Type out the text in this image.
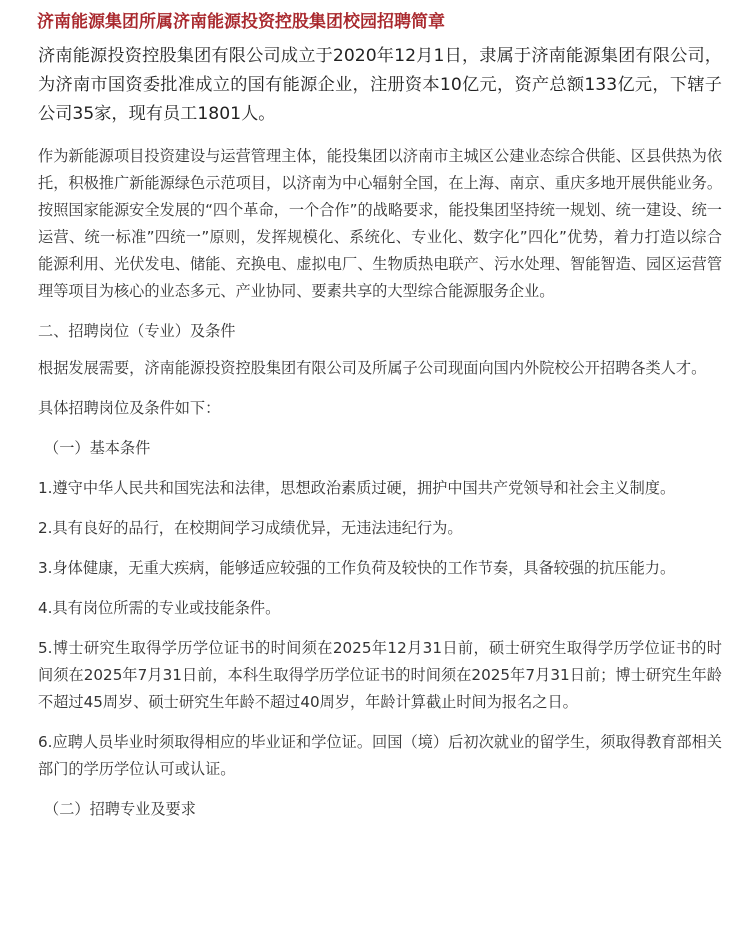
济南能源集团所属济南能源投资控股集团校园招聘简章

济南能源投资控股集团有限公司成立于2020年12月1日，隶属于济南能源集团有限公司，为济南市国资委批准成立的国有能源企业，注册资本10亿元，资产总额133亿元，下辖子公司35家，现有员工1801人。

作为新能源项目投资建设与运营管理主体，能投集团以济南市主城区公建业态综合供能、区县供热为依托，积极推广新能源绿色示范项目，以济南为中心辐射全国，在上海、南京、重庆多地开展供能业务。按照国家能源安全发展的“四个革命，一个合作”的战略要求，能投集团坚持统一规划、统一建设、统一运营、统一标准”四统一”原则，发挥规模化、系统化、专业化、数字化”四化”优势，着力打造以综合能源利用、光伏发电、储能、充换电、虚拟电厂、生物质热电联产、污水处理、智能智造、园区运营管理等项目为核心的业态多元、产业协同、要素共享的大型综合能源服务企业。

二、招聘岗位（专业）及条件

根据发展需要，济南能源投资控股集团有限公司及所属子公司现面向国内外院校公开招聘各类人才。

具体招聘岗位及条件如下：

（一）基本条件

1.遵守中华人民共和国宪法和法律，思想政治素质过硬，拥护中国共产党领导和社会主义制度。

2.具有良好的品行，在校期间学习成绩优异，无违法违纪行为。

3.身体健康，无重大疾病，能够适应较强的工作负荷及较快的工作节奏，具备较强的抗压能力。

4.具有岗位所需的专业或技能条件。

5.博士研究生取得学历学位证书的时间须在2025年12月31日前，硕士研究生取得学历学位证书的时间须在2025年7月31日前，本科生取得学历学位证书的时间须在2025年7月31日前；博士研究生年龄不超过45周岁、硕士研究生年龄不超过40周岁，年龄计算截止时间为报名之日。

6.应聘人员毕业时须取得相应的毕业证和学位证。回国（境）后初次就业的留学生，须取得教育部相关部门的学历学位认可或认证。

（二）招聘专业及要求
